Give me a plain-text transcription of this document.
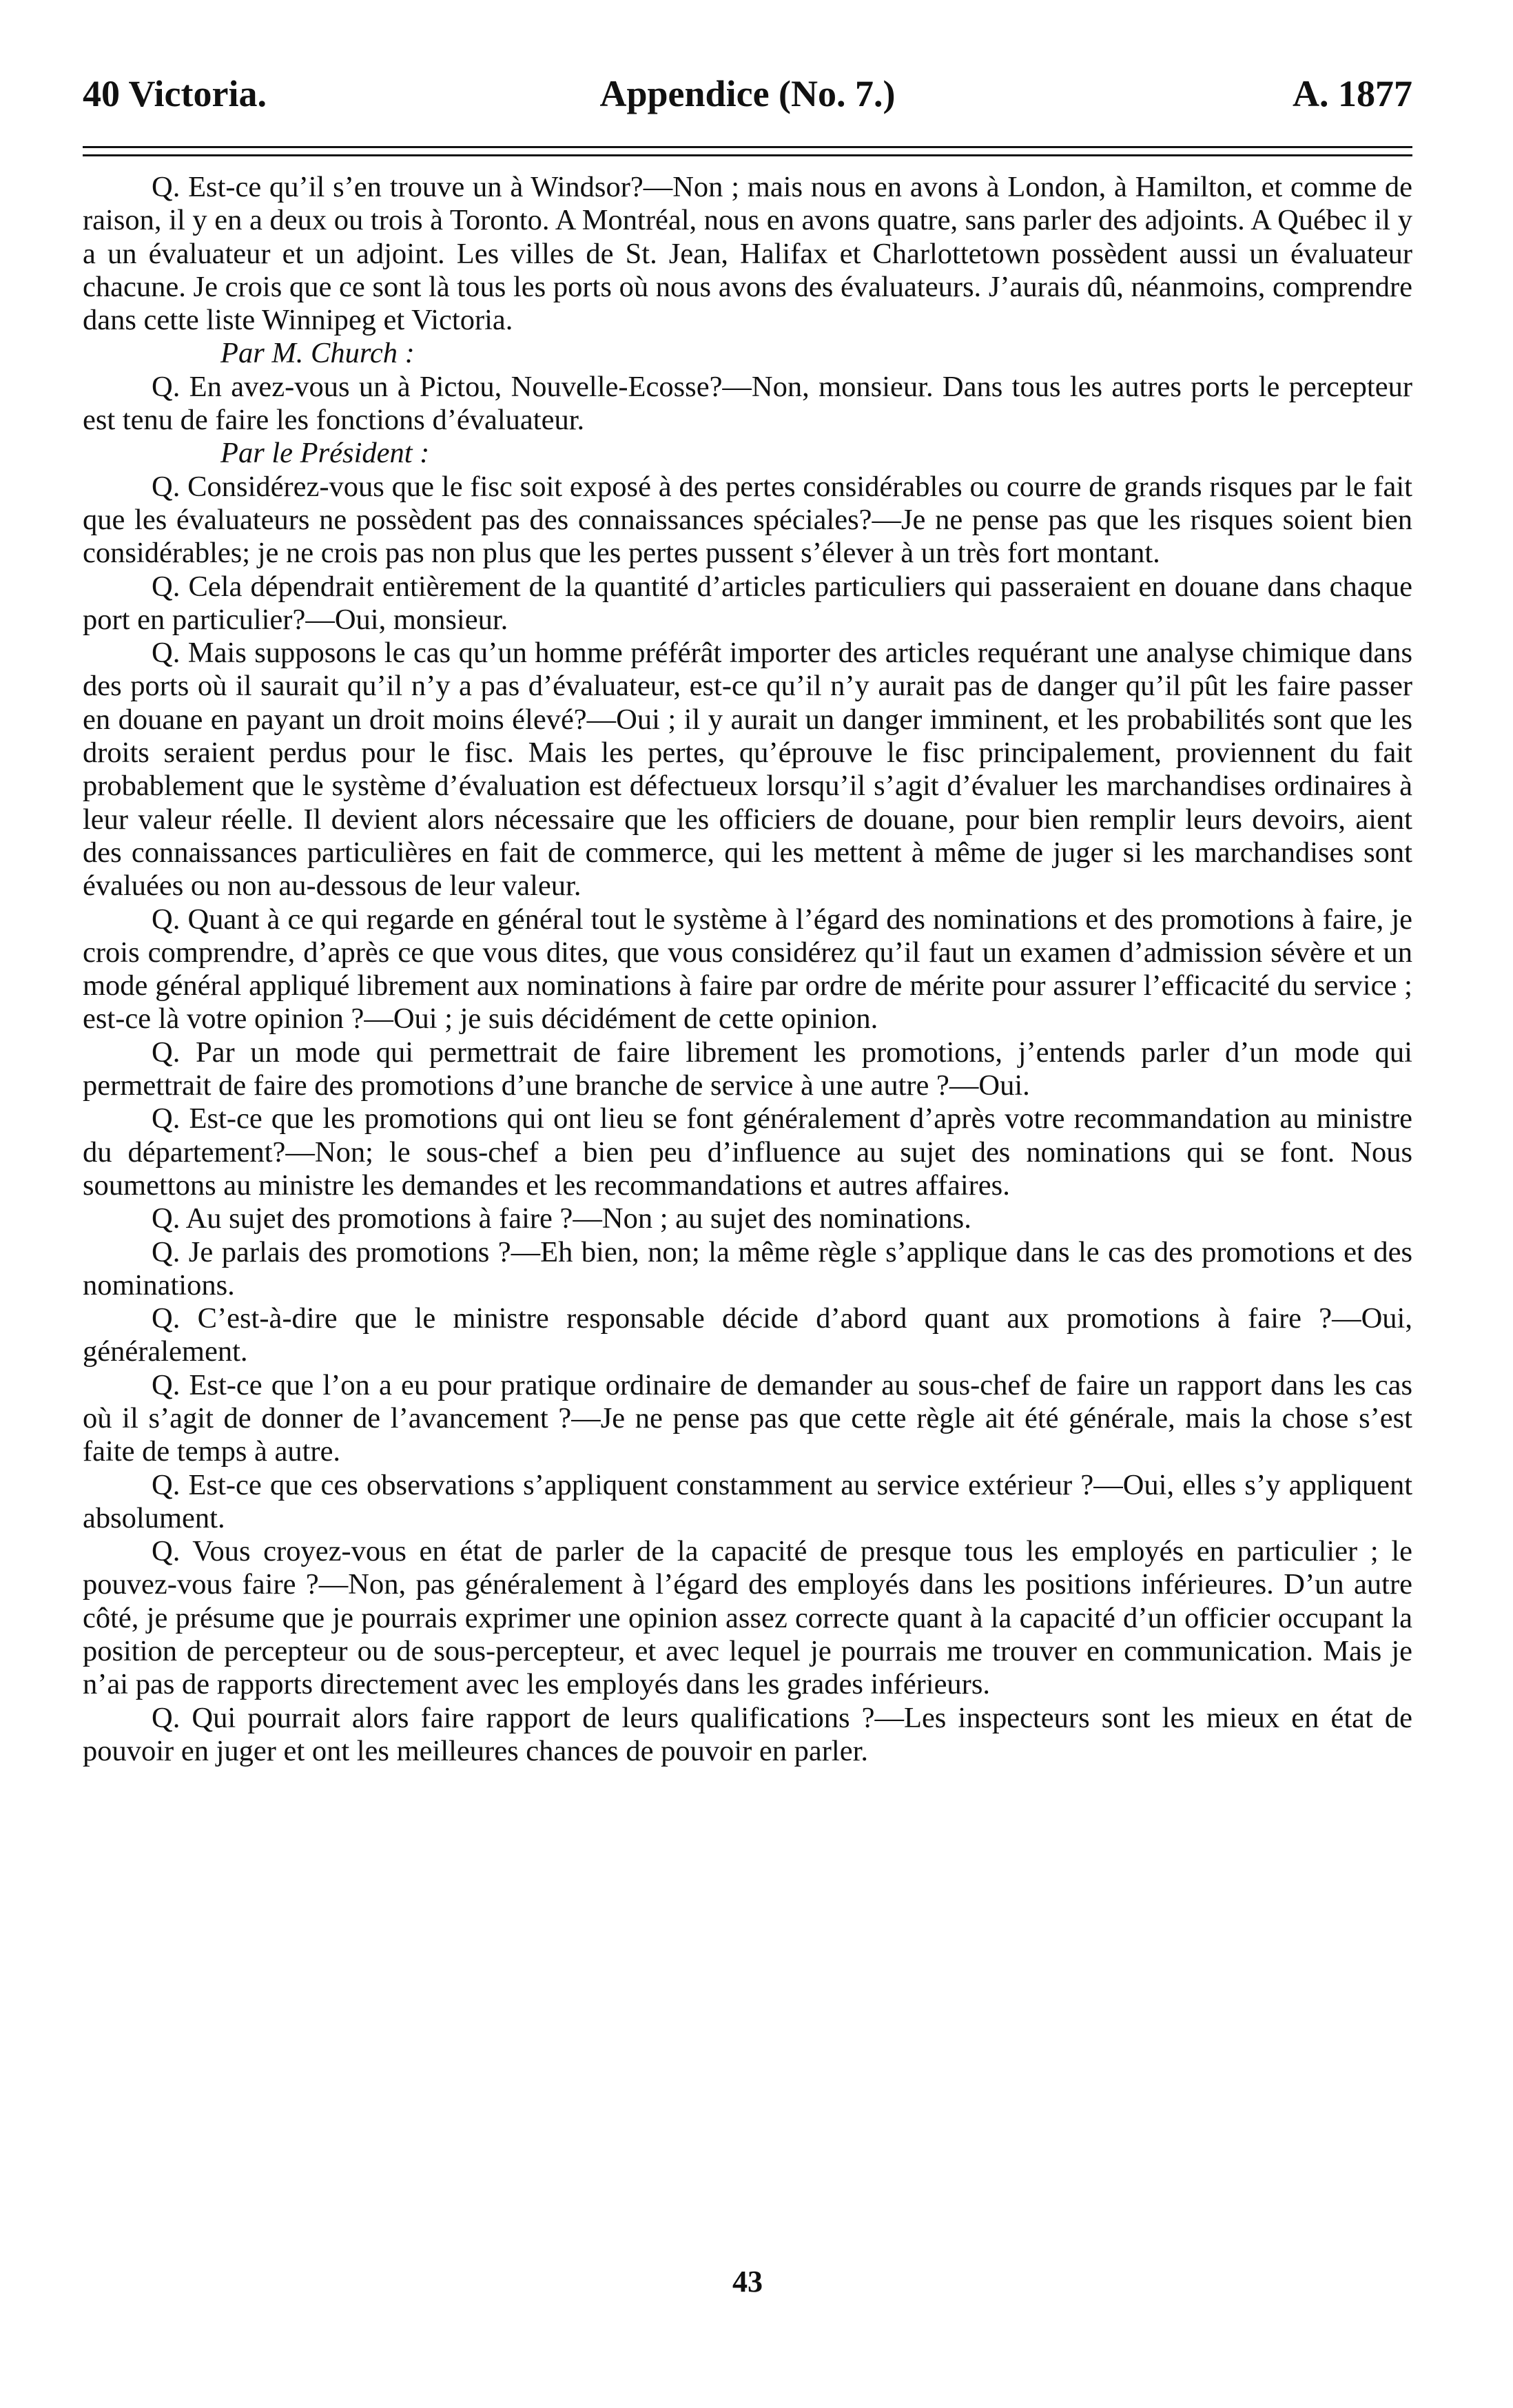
40 Victoria.	Appendice (No. 7.)	A. 1877

Q. Est-ce qu’il s’en trouve un à Windsor?—Non ; mais nous en avons à London, à Hamilton, et comme de raison, il y en a deux ou trois à Toronto. A Montréal, nous en avons quatre, sans parler des adjoints. A Québec il y a un évaluateur et un adjoint. Les villes de St. Jean, Halifax et Charlottetown possèdent aussi un évaluateur chacune. Je crois que ce sont là tous les ports où nous avons des évaluateurs. J’aurais dû, néanmoins, comprendre dans cette liste Winnipeg et Victoria.

Par M. Church :

Q. En avez-vous un à Pictou, Nouvelle-Ecosse?—Non, monsieur. Dans tous les autres ports le percepteur est tenu de faire les fonctions d’évaluateur.

Par le Président :

Q. Considérez-vous que le fisc soit exposé à des pertes considérables ou courre de grands risques par le fait que les évaluateurs ne possèdent pas des connaissances spéciales?—Je ne pense pas que les risques soient bien considérables; je ne crois pas non plus que les pertes pussent s’élever à un très fort montant.

Q. Cela dépendrait entièrement de la quantité d’articles particuliers qui passeraient en douane dans chaque port en particulier?—Oui, monsieur.

Q. Mais supposons le cas qu’un homme préférât importer des articles requérant une analyse chimique dans des ports où il saurait qu’il n’y a pas d’évaluateur, est-ce qu’il n’y aurait pas de danger qu’il pût les faire passer en douane en payant un droit moins élevé?—Oui ; il y aurait un danger imminent, et les probabilités sont que les droits seraient perdus pour le fisc. Mais les pertes, qu’éprouve le fisc principalement, proviennent du fait probablement que le système d’évaluation est défectueux lorsqu’il s’agit d’évaluer les marchandises ordinaires à leur valeur réelle. Il devient alors nécessaire que les officiers de douane, pour bien remplir leurs devoirs, aient des connaissances particulières en fait de commerce, qui les mettent à même de juger si les marchandises sont évaluées ou non au-dessous de leur valeur.

Q. Quant à ce qui regarde en général tout le système à l’égard des nominations et des promotions à faire, je crois comprendre, d’après ce que vous dites, que vous considérez qu’il faut un examen d’admission sévère et un mode général appliqué librement aux nominations à faire par ordre de mérite pour assurer l’efficacité du service ; est-ce là votre opinion ?—Oui ; je suis décidément de cette opinion.

Q. Par un mode qui permettrait de faire librement les promotions, j’entends parler d’un mode qui permettrait de faire des promotions d’une branche de service à une autre ?—Oui.

Q. Est-ce que les promotions qui ont lieu se font généralement d’après votre recommandation au ministre du département?—Non; le sous-chef a bien peu d’influence au sujet des nominations qui se font. Nous soumettons au ministre les demandes et les recommandations et autres affaires.

Q. Au sujet des promotions à faire ?—Non ; au sujet des nominations.

Q. Je parlais des promotions ?—Eh bien, non; la même règle s’applique dans le cas des promotions et des nominations.

Q. C’est-à-dire que le ministre responsable décide d’abord quant aux promotions à faire ?—Oui, généralement.

Q. Est-ce que l’on a eu pour pratique ordinaire de demander au sous-chef de faire un rapport dans les cas où il s’agit de donner de l’avancement ?—Je ne pense pas que cette règle ait été générale, mais la chose s’est faite de temps à autre.

Q. Est-ce que ces observations s’appliquent constamment au service extérieur ?—Oui, elles s’y appliquent absolument.

Q. Vous croyez-vous en état de parler de la capacité de presque tous les employés en particulier ; le pouvez-vous faire ?—Non, pas généralement à l’égard des employés dans les positions inférieures. D’un autre côté, je présume que je pourrais exprimer une opinion assez correcte quant à la capacité d’un officier occupant la position de percepteur ou de sous-percepteur, et avec lequel je pourrais me trouver en communication. Mais je n’ai pas de rapports directement avec les employés dans les grades inférieurs.

Q. Qui pourrait alors faire rapport de leurs qualifications ?—Les inspecteurs sont les mieux en état de pouvoir en juger et ont les meilleures chances de pouvoir en parler.

43
